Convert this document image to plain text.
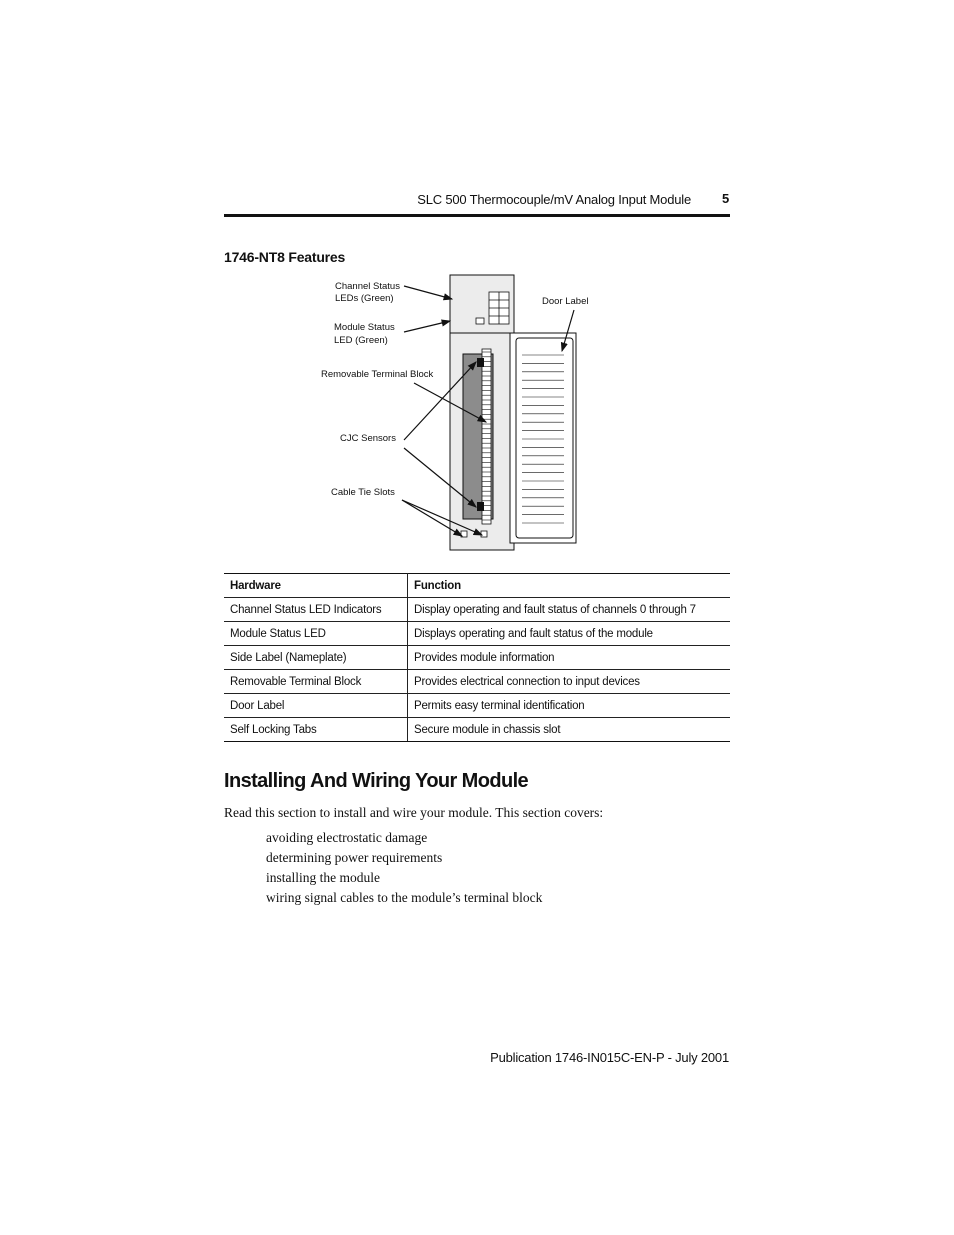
SLC 500 Thermocouple/mV Analog Input Module 5
1746-NT8 Features
Channel Status
LEDs (Green)
Module Status
LED (Green)
Removable Terminal Block
CJC Sensors
Cable Tie Slots
Door Label
Hardware	Function
Channel Status LED Indicators	Display operating and fault status of channels 0 through 7
Module Status LED	Displays operating and fault status of the module
Side Label (Nameplate)	Provides module information
Removable Terminal Block	Provides electrical connection to input devices
Door Label	Permits easy terminal identification
Self Locking Tabs	Secure module in chassis slot
Installing And Wiring Your Module
Read this section to install and wire your module. This section covers:
avoiding electrostatic damage
determining power requirements
installing the module
wiring signal cables to the module’s terminal block
Publication 1746-IN015C-EN-P - July 2001
